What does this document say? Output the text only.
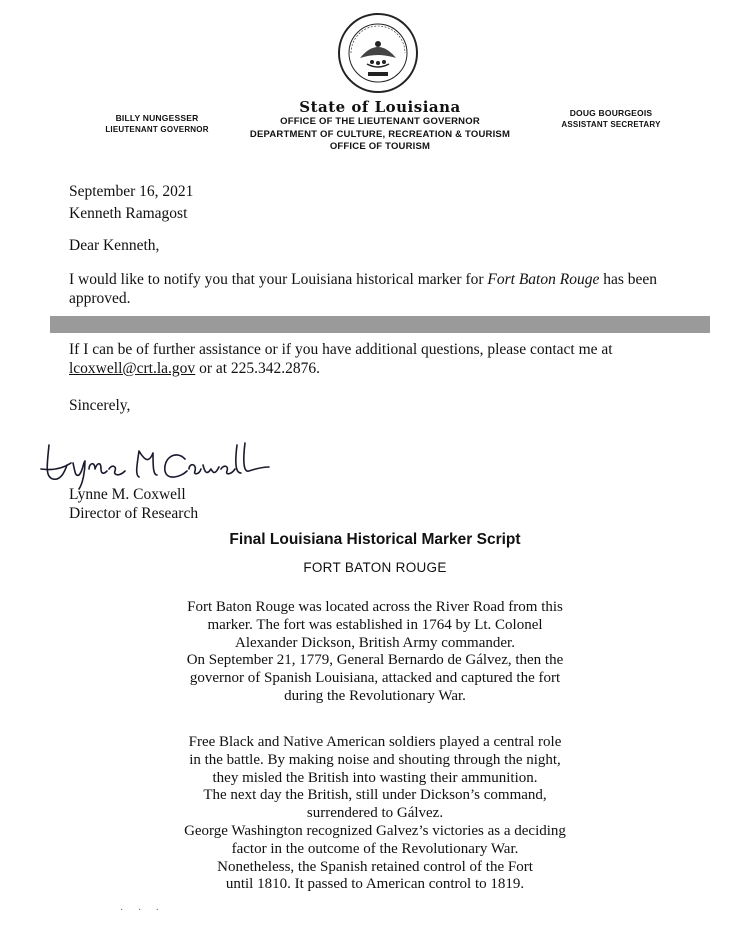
BILLY NUNGESSER
LIEUTENANT GOVERNOR
DOUG BOURGEOIS
ASSISTANT SECRETARY
State of Louisiana
OFFICE OF THE LIEUTENANT GOVERNOR
DEPARTMENT OF CULTURE, RECREATION & TOURISM
OFFICE OF TOURISM
September 16, 2021
Kenneth Ramagost
Dear Kenneth,
I would like to notify you that your Louisiana historical marker for Fort Baton Rouge has been approved.
If I can be of further assistance or if you have additional questions, please contact me at
lcoxwell@crt.la.gov or at 225.342.2876.
Sincerely,
Lynne M. Coxwell
Director of Research
Final Louisiana Historical Marker Script
FORT BATON ROUGE
Fort Baton Rouge was located across the River Road from this
marker. The fort was established in 1764 by Lt. Colonel
Alexander Dickson, British Army commander.
On September 21, 1779, General Bernardo de Gálvez, then the
governor of Spanish Louisiana, attacked and captured the fort
during the Revolutionary War.
Free Black and Native American soldiers played a central role
in the battle. By making noise and shouting through the night,
they misled the British into wasting their ammunition.
The next day the British, still under Dickson’s command,
surrendered to Gálvez.
George Washington recognized Galvez’s victories as a deciding
factor in the outcome of the Revolutionary War.
Nonetheless, the Spanish retained control of the Fort
until 1810. It passed to American control to 1819.
· · ·
